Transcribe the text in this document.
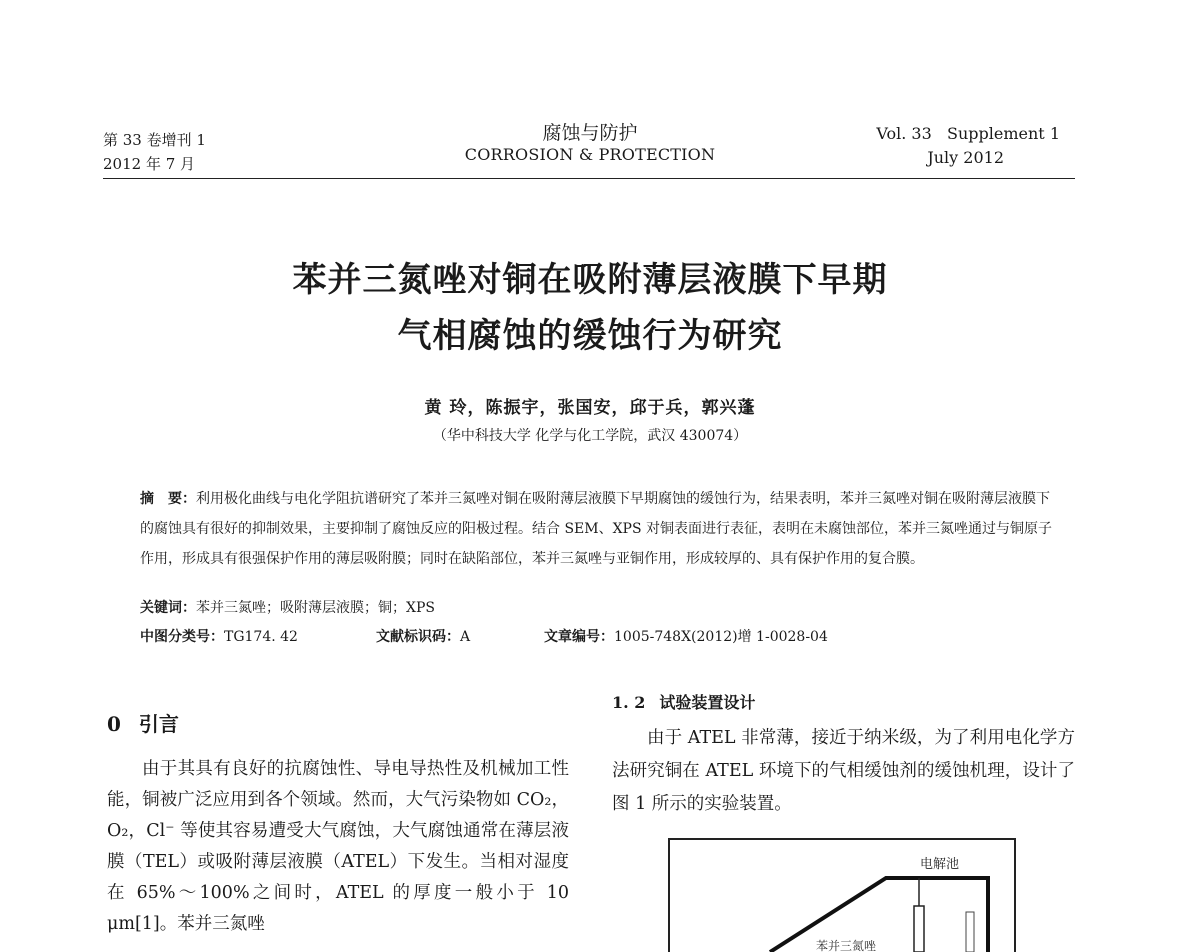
第 33 卷增刊 1
2012 年 7 月
腐蚀与防护
CORROSION & PROTECTION
Vol. 33   Supplement 1
July 2012
苯并三氮唑对铜在吸附薄层液膜下早期
气相腐蚀的缓蚀行为研究
黄 玲，陈振宇，张国安，邱于兵，郭兴蓬
（华中科技大学 化学与化工学院，武汉 430074）

摘　要：利用极化曲线与电化学阻抗谱研究了苯并三氮唑对铜在吸附薄层液膜下早期腐蚀的缓蚀行为，结果表明，苯并三氮唑对铜在吸附薄层液膜下的腐蚀具有很好的抑制效果，主要抑制了腐蚀反应的阳极过程。结合 SEM、XPS 对铜表面进行表征，表明在未腐蚀部位，苯并三氮唑通过与铜原子作用，形成具有很强保护作用的薄层吸附膜；同时在缺陷部位，苯并三氮唑与亚铜作用，形成较厚的、具有保护作用的复合膜。

关键词：苯并三氮唑；吸附薄层液膜；铜；XPS
中图分类号：TG174. 42	文献标识码：A	文章编号：1005-748X(2012)增 1-0028-04
0 引言

由于其具有良好的抗腐蚀性、导电导热性及机械加工性能，铜被广泛应用到各个领域。然而，大气污染物如 CO₂，O₂，Cl⁻ 等使其容易遭受大气腐蚀，大气腐蚀通常在薄层液膜（TEL）或吸附薄层液膜（ATEL）下发生。当相对湿度在 65%～100%之间时，ATEL 的厚度一般小于 10 μm[1]。苯并三氮唑

1. 2 试验装置设计

由于 ATEL 非常薄，接近于纳米级，为了利用电化学方法研究铜在 ATEL 环境下的气相缓蚀剂的缓蚀机理，设计了图 1 所示的实验装置。

电解池
苯并三氮唑
